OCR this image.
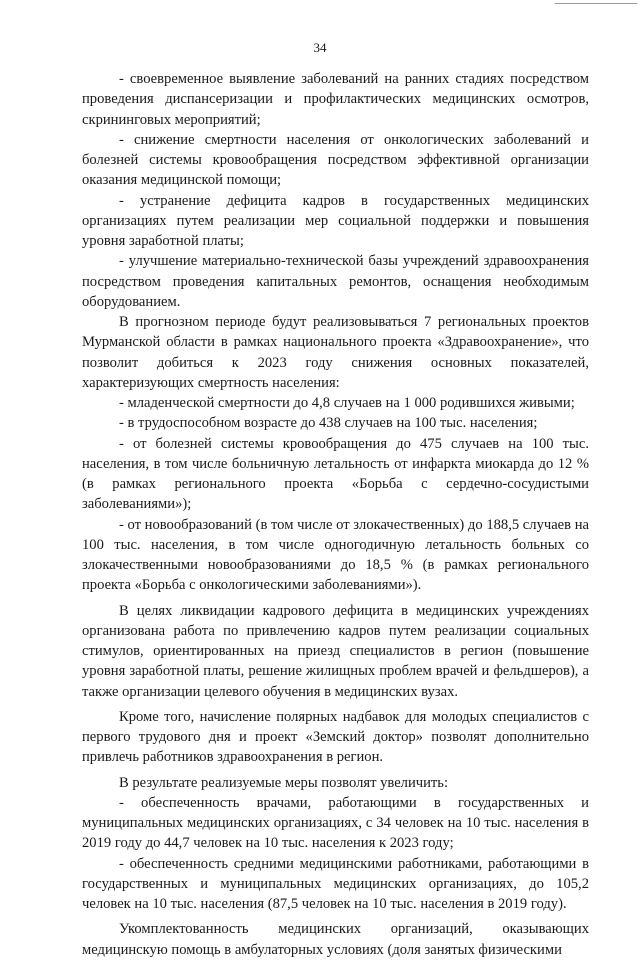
34

- своевременное выявление заболеваний на ранних стадиях посредством проведения диспансеризации и профилактических медицинских осмотров, скрининговых мероприятий;

- снижение смертности населения от онкологических заболеваний и болезней системы кровообращения посредством эффективной организации оказания медицинской помощи;

- устранение дефицита кадров в государственных медицинских организациях путем реализации мер социальной поддержки и повышения уровня заработной платы;

- улучшение материально-технической базы учреждений здравоохранения посредством проведения капитальных ремонтов, оснащения необходимым оборудованием.

В прогнозном периоде будут реализовываться 7 региональных проектов Мурманской области в рамках национального проекта «Здравоохранение», что позволит добиться к 2023 году снижения основных показателей, характеризующих смертность населения:

- младенческой смертности до 4,8 случаев на 1 000 родившихся живыми;

- в трудоспособном возрасте до 438 случаев на 100 тыс. населения;

- от болезней системы кровообращения до 475 случаев на 100 тыс. населения, в том числе больничную летальность от инфаркта миокарда до 12 % (в рамках регионального проекта «Борьба с сердечно-сосудистыми заболеваниями»);

- от новообразований (в том числе от злокачественных) до 188,5 случаев на 100 тыс. населения, в том числе одногодичную летальность больных со злокачественными новообразованиями до 18,5 % (в рамках регионального проекта «Борьба с онкологическими заболеваниями»).

В целях ликвидации кадрового дефицита в медицинских учреждениях организована работа по привлечению кадров путем реализации социальных стимулов, ориентированных на приезд специалистов в регион (повышение уровня заработной платы, решение жилищных проблем врачей и фельдшеров), а также организации целевого обучения в медицинских вузах.

Кроме того, начисление полярных надбавок для молодых специалистов с первого трудового дня и проект «Земский доктор» позволят дополнительно привлечь работников здравоохранения в регион.

В результате реализуемые меры позволят увеличить:

- обеспеченность врачами, работающими в государственных и муниципальных медицинских организациях, с 34 человек на 10 тыс. населения в 2019 году до 44,7 человек на 10 тыс. населения к 2023 году;

- обеспеченность средними медицинскими работниками, работающими в государственных и муниципальных медицинских организациях, до 105,2 человек на 10 тыс. населения (87,5 человек на 10 тыс. населения в 2019 году).

Укомплектованность медицинских организаций, оказывающих медицинскую помощь в амбулаторных условиях (доля занятых физическими
